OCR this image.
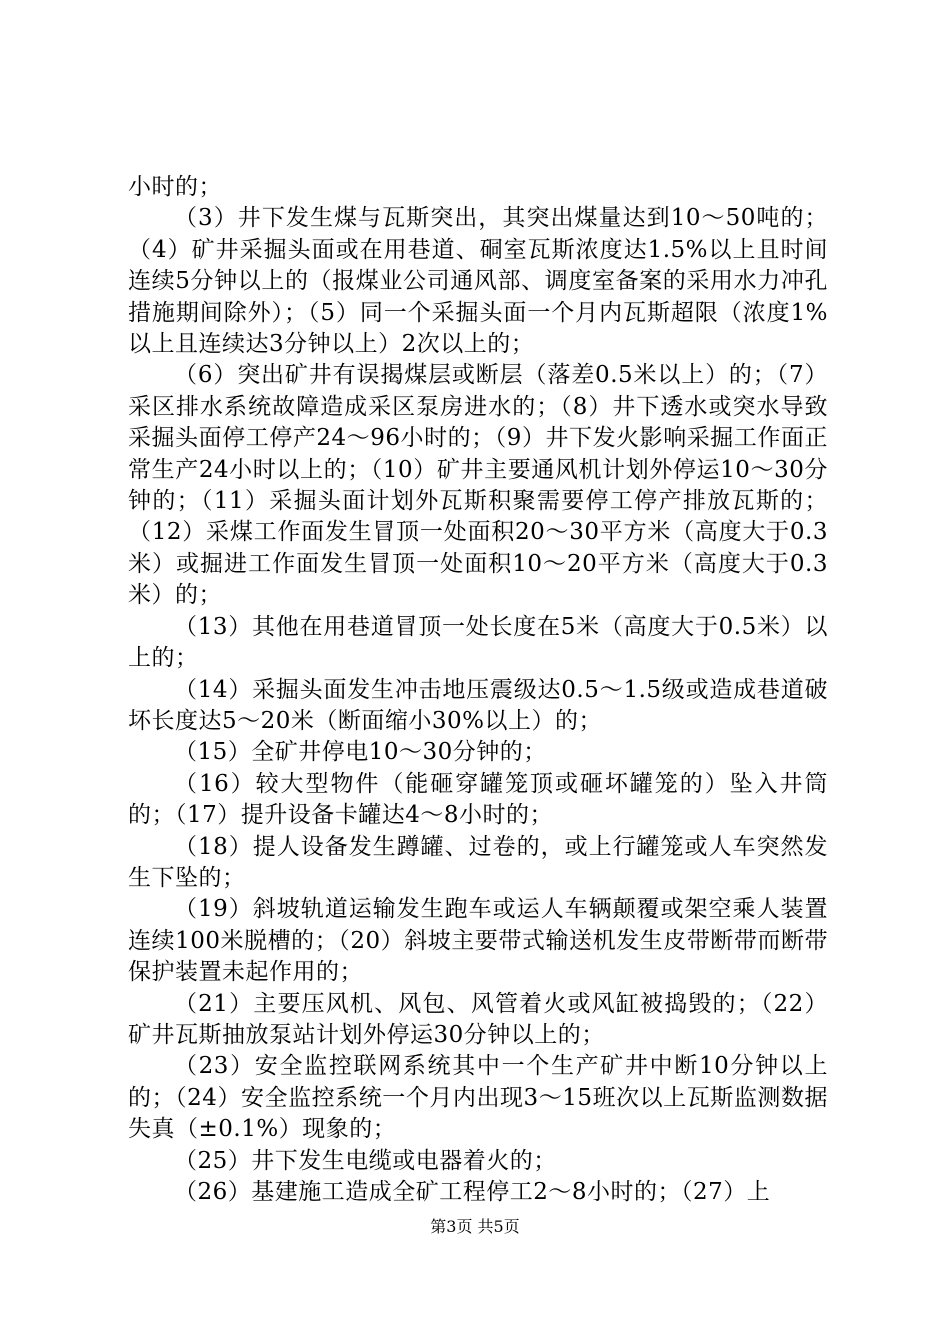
小时的；

（3）井下发生煤与瓦斯突出，其突出煤量达到10～50吨的；（4）矿井采掘头面或在用巷道、硐室瓦斯浓度达1.5%以上且时间连续5分钟以上的（报煤业公司通风部、调度室备案的采用水力冲孔措施期间除外）；（5）同一个采掘头面一个月内瓦斯超限（浓度1%以上且连续达3分钟以上）2次以上的；

（6）突出矿井有误揭煤层或断层（落差0.5米以上）的；（7）采区排水系统故障造成采区泵房进水的；（8）井下透水或突水导致采掘头面停工停产24～96小时的；（9）井下发火影响采掘工作面正常生产24小时以上的；（10）矿井主要通风机计划外停运10～30分钟的；（11）采掘头面计划外瓦斯积聚需要停工停产排放瓦斯的；（12）采煤工作面发生冒顶一处面积20～30平方米（高度大于0.3米）或掘进工作面发生冒顶一处面积10～20平方米（高度大于0.3米）的；

（13）其他在用巷道冒顶一处长度在5米（高度大于0.5米）以上的；

（14）采掘头面发生冲击地压震级达0.5～1.5级或造成巷道破坏长度达5～20米（断面缩小30%以上）的；

（15）全矿井停电10～30分钟的；

（16）较大型物件（能砸穿罐笼顶或砸坏罐笼的）坠入井筒的；（17）提升设备卡罐达4～8小时的；

（18）提人设备发生蹲罐、过卷的，或上行罐笼或人车突然发生下坠的；

（19）斜坡轨道运输发生跑车或运人车辆颠覆或架空乘人装置连续100米脱槽的；（20）斜坡主要带式输送机发生皮带断带而断带保护装置未起作用的；

（21）主要压风机、风包、风管着火或风缸被捣毁的；（22）矿井瓦斯抽放泵站计划外停运30分钟以上的；

（23）安全监控联网系统其中一个生产矿井中断10分钟以上的；（24）安全监控系统一个月内出现3～15班次以上瓦斯监测数据失真（±0.1%）现象的；

（25）井下发生电缆或电器着火的；

（26）基建施工造成全矿工程停工2～8小时的；（27）上

第3页 共5页
